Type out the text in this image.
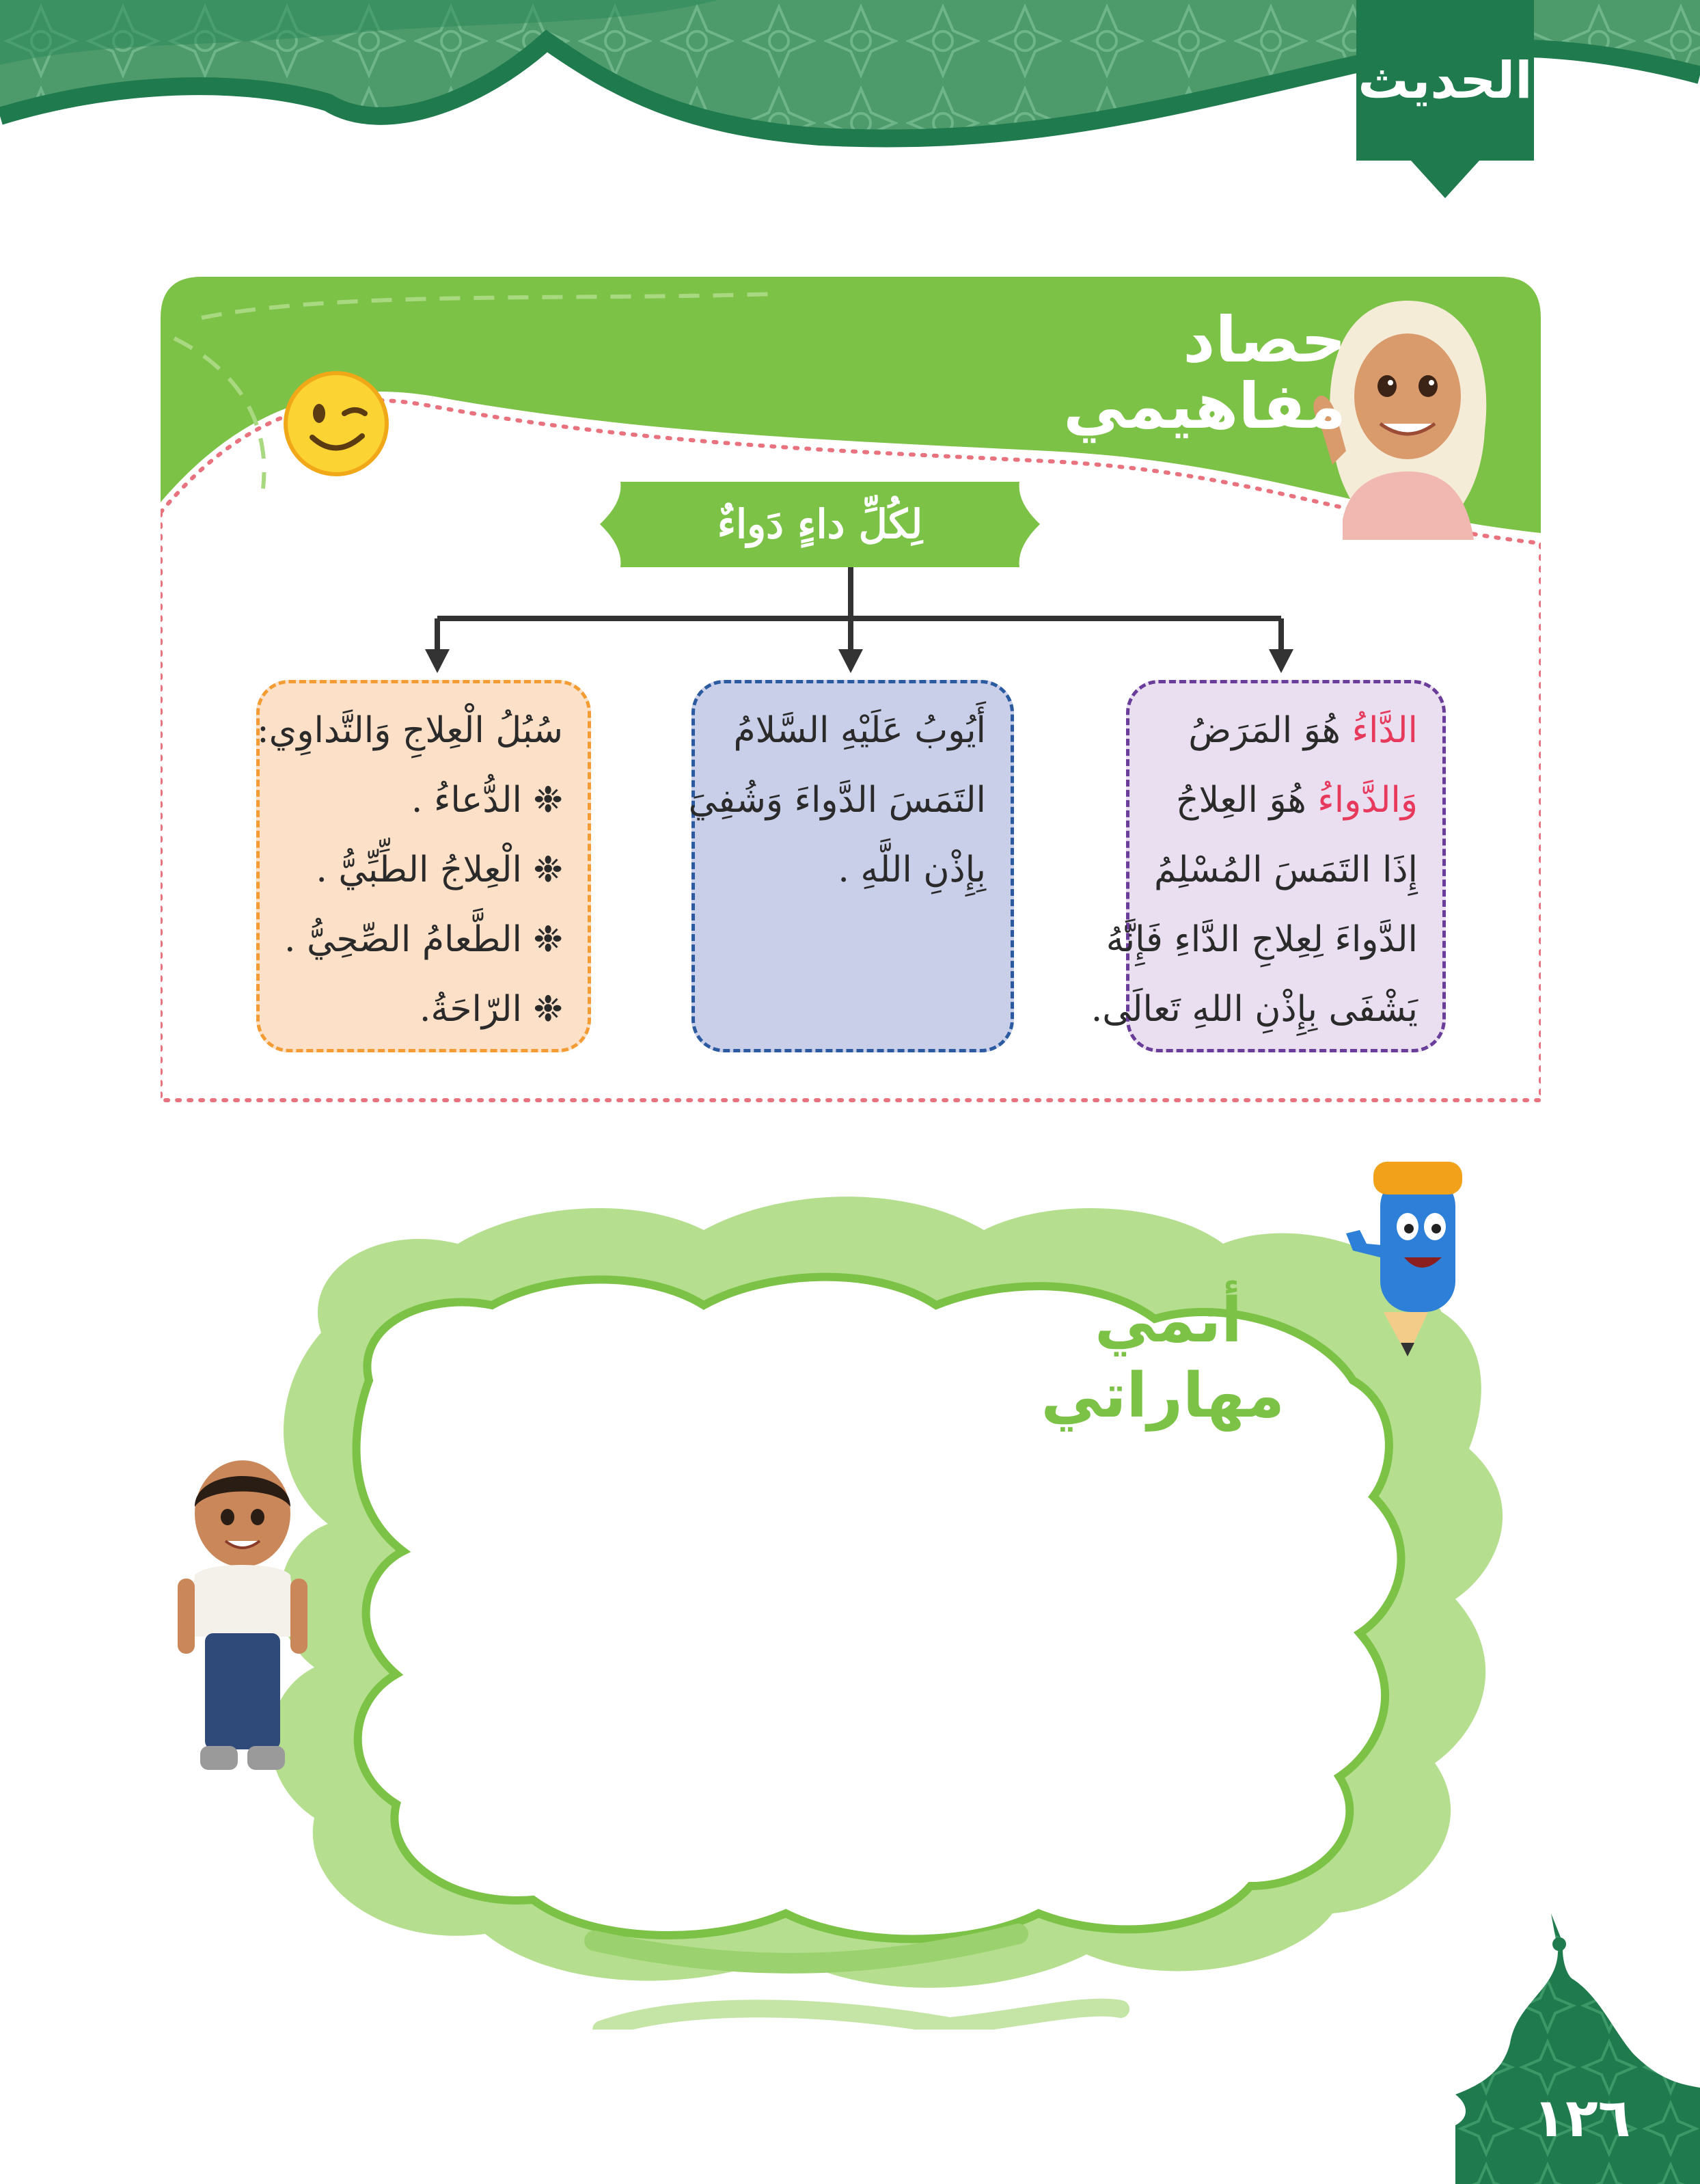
الحديث
حصاد
مفاهيمي
لِكُلِّ داءٍ دَواءٌ
الدَّاءُ هُوَ المَرَضُ
وَالدَّواءُ هُوَ العِلاجُ
إِذَا التَمَسَ المُسْلِمُ
الدَّواءَ لِعِلاجِ الدَّاءِ فَإِنَّهُ
يَشْفَى بِإِذْنِ اللهِ تَعالَى.
أَيُوبُ عَلَيْهِ السَّلامُ
التَمَسَ الدَّواءَ وَشُفِيَ
بِإِذْنِ اللَّهِ .
سُبُلُ الْعِلاجِ وَالتَّداوِي:
❉ الدُّعاءُ .
❉ الْعِلاجُ الطِّبِّيُّ .
❉ الطَّعامُ الصِّحِيُّ .
❉ الرّاحَةُ.
أنمي
مهاراتي
١٢٦
